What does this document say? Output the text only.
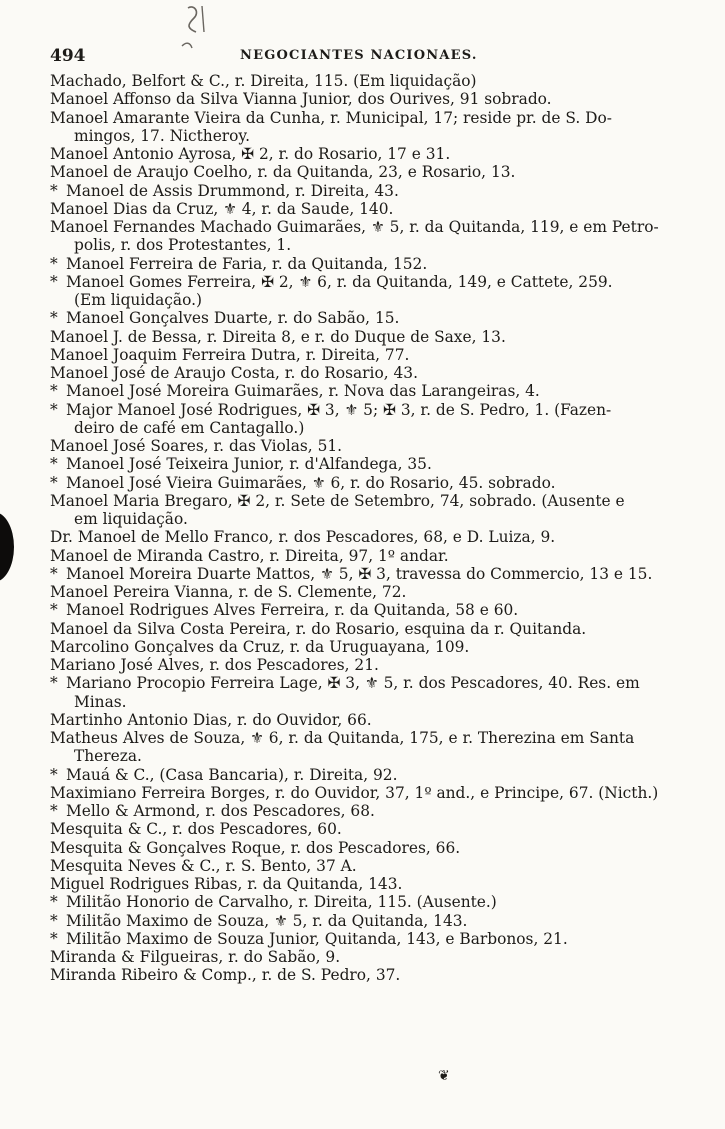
494	NEGOCIANTES NACIONAES.
Machado, Belfort & C., r. Direita, 115. (Em liquidação)
Manoel Affonso da Silva Vianna Junior, dos Ourives, 91 sobrado.
Manoel Amarante Vieira da Cunha, r. Municipal, 17; reside pr. de S. Do-
mingos, 17. Nictheroy.
Manoel Antonio Ayrosa, ✠ 2, r. do Rosario, 17 e 31.
Manoel de Araujo Coelho, r. da Quitanda, 23, e Rosario, 13.
* Manoel de Assis Drummond, r. Direita, 43.
Manoel Dias da Cruz, ⚜ 4, r. da Saude, 140.
Manoel Fernandes Machado Guimarães, ⚜ 5, r. da Quitanda, 119, e em Petro-
polis, r. dos Protestantes, 1.
* Manoel Ferreira de Faria, r. da Quitanda, 152.
* Manoel Gomes Ferreira, ✠ 2, ⚜ 6, r. da Quitanda, 149, e Cattete, 259.
(Em liquidação.)
* Manoel Gonçalves Duarte, r. do Sabão, 15.
Manoel J. de Bessa, r. Direita 8, e r. do Duque de Saxe, 13.
Manoel Joaquim Ferreira Dutra, r. Direita, 77.
Manoel José de Araujo Costa, r. do Rosario, 43.
* Manoel José Moreira Guimarães, r. Nova das Larangeiras, 4.
* Major Manoel José Rodrigues, ✠ 3, ⚜ 5; ✠ 3, r. de S. Pedro, 1. (Fazen-
deiro de café em Cantagallo.)
Manoel José Soares, r. das Violas, 51.
* Manoel José Teixeira Junior, r. d'Alfandega, 35.
* Manoel José Vieira Guimarães, ⚜ 6, r. do Rosario, 45. sobrado.
Manoel Maria Bregaro, ✠ 2, r. Sete de Setembro, 74, sobrado. (Ausente e
em liquidação.
Dr. Manoel de Mello Franco, r. dos Pescadores, 68, e D. Luiza, 9.
Manoel de Miranda Castro, r. Direita, 97, 1º andar.
* Manoel Moreira Duarte Mattos, ⚜ 5, ✠ 3, travessa do Commercio, 13 e 15.
Manoel Pereira Vianna, r. de S. Clemente, 72.
* Manoel Rodrigues Alves Ferreira, r. da Quitanda, 58 e 60.
Manoel da Silva Costa Pereira, r. do Rosario, esquina da r. Quitanda.
Marcolino Gonçalves da Cruz, r. da Uruguayana, 109.
Mariano José Alves, r. dos Pescadores, 21.
* Mariano Procopio Ferreira Lage, ✠ 3, ⚜ 5, r. dos Pescadores, 40. Res. em
Minas.
Martinho Antonio Dias, r. do Ouvidor, 66.
Matheus Alves de Souza, ⚜ 6, r. da Quitanda, 175, e r. Therezina em Santa
Thereza.
* Mauá & C., (Casa Bancaria), r. Direita, 92.
Maximiano Ferreira Borges, r. do Ouvidor, 37, 1º and., e Principe, 67. (Nicth.)
* Mello & Armond, r. dos Pescadores, 68.
Mesquita & C., r. dos Pescadores, 60.
Mesquita & Gonçalves Roque, r. dos Pescadores, 66.
Mesquita Neves & C., r. S. Bento, 37 A.
Miguel Rodrigues Ribas, r. da Quitanda, 143.
* Militão Honorio de Carvalho, r. Direita, 115. (Ausente.)
* Militão Maximo de Souza, ⚜ 5, r. da Quitanda, 143.
* Militão Maximo de Souza Junior, Quitanda, 143, e Barbonos, 21.
Miranda & Filgueiras, r. do Sabão, 9.
Miranda Ribeiro & Comp., r. de S. Pedro, 37.
❦
